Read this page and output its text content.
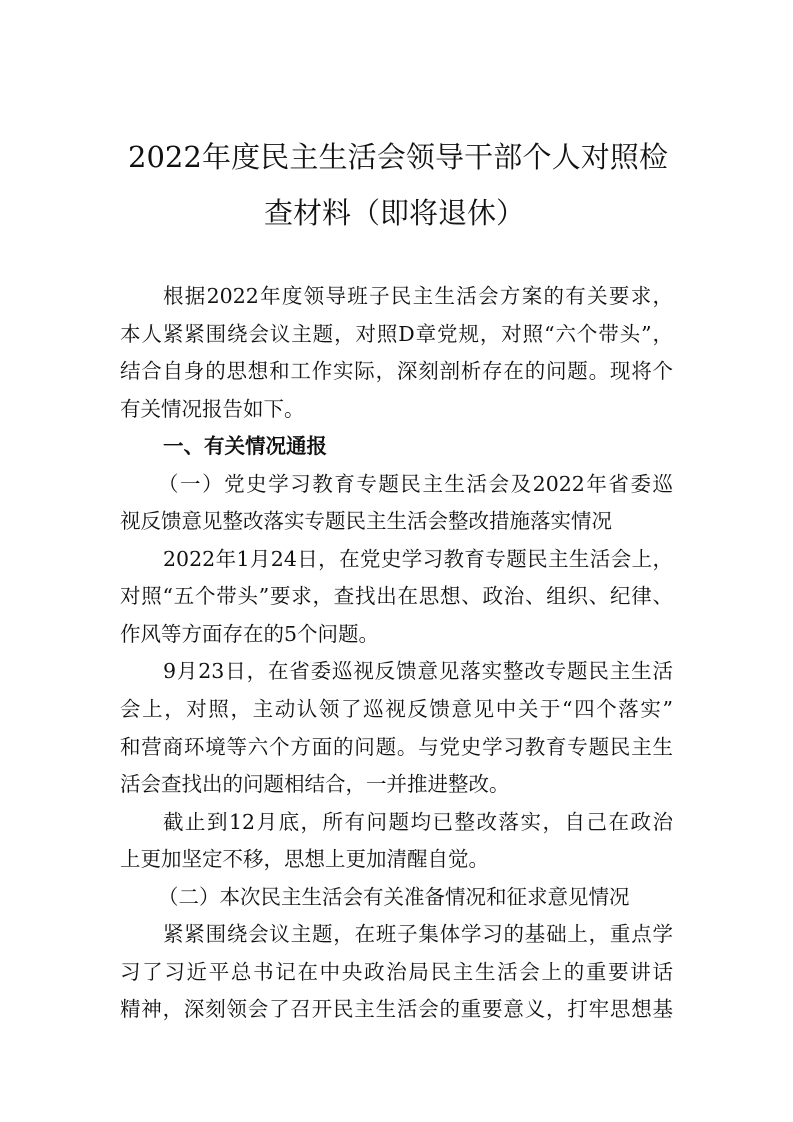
2022年度民主生活会领导干部个人对照检
查材料（即将退休）
根据2022年度领导班子民主生活会方案的有关要求，
本人紧紧围绕会议主题，对照D章党规，对照“六个带头”，
结合自身的思想和工作实际，深刻剖析存在的问题。现将个
有关情况报告如下。
一、有关情况通报
（一）党史学习教育专题民主生活会及2022年省委巡
视反馈意见整改落实专题民主生活会整改措施落实情况
2022年1月24日，在党史学习教育专题民主生活会上，
对照“五个带头”要求，查找出在思想、政治、组织、纪律、
作风等方面存在的5个问题。
9月23日，在省委巡视反馈意见落实整改专题民主生活
会上，对照，主动认领了巡视反馈意见中关于“四个落实”
和营商环境等六个方面的问题。与党史学习教育专题民主生
活会查找出的问题相结合，一并推进整改。
截止到12月底，所有问题均已整改落实，自己在政治
上更加坚定不移，思想上更加清醒自觉。
（二）本次民主生活会有关准备情况和征求意见情况
紧紧围绕会议主题，在班子集体学习的基础上，重点学
习了习近平总书记在中央政治局民主生活会上的重要讲话
精神，深刻领会了召开民主生活会的重要意义，打牢思想基
